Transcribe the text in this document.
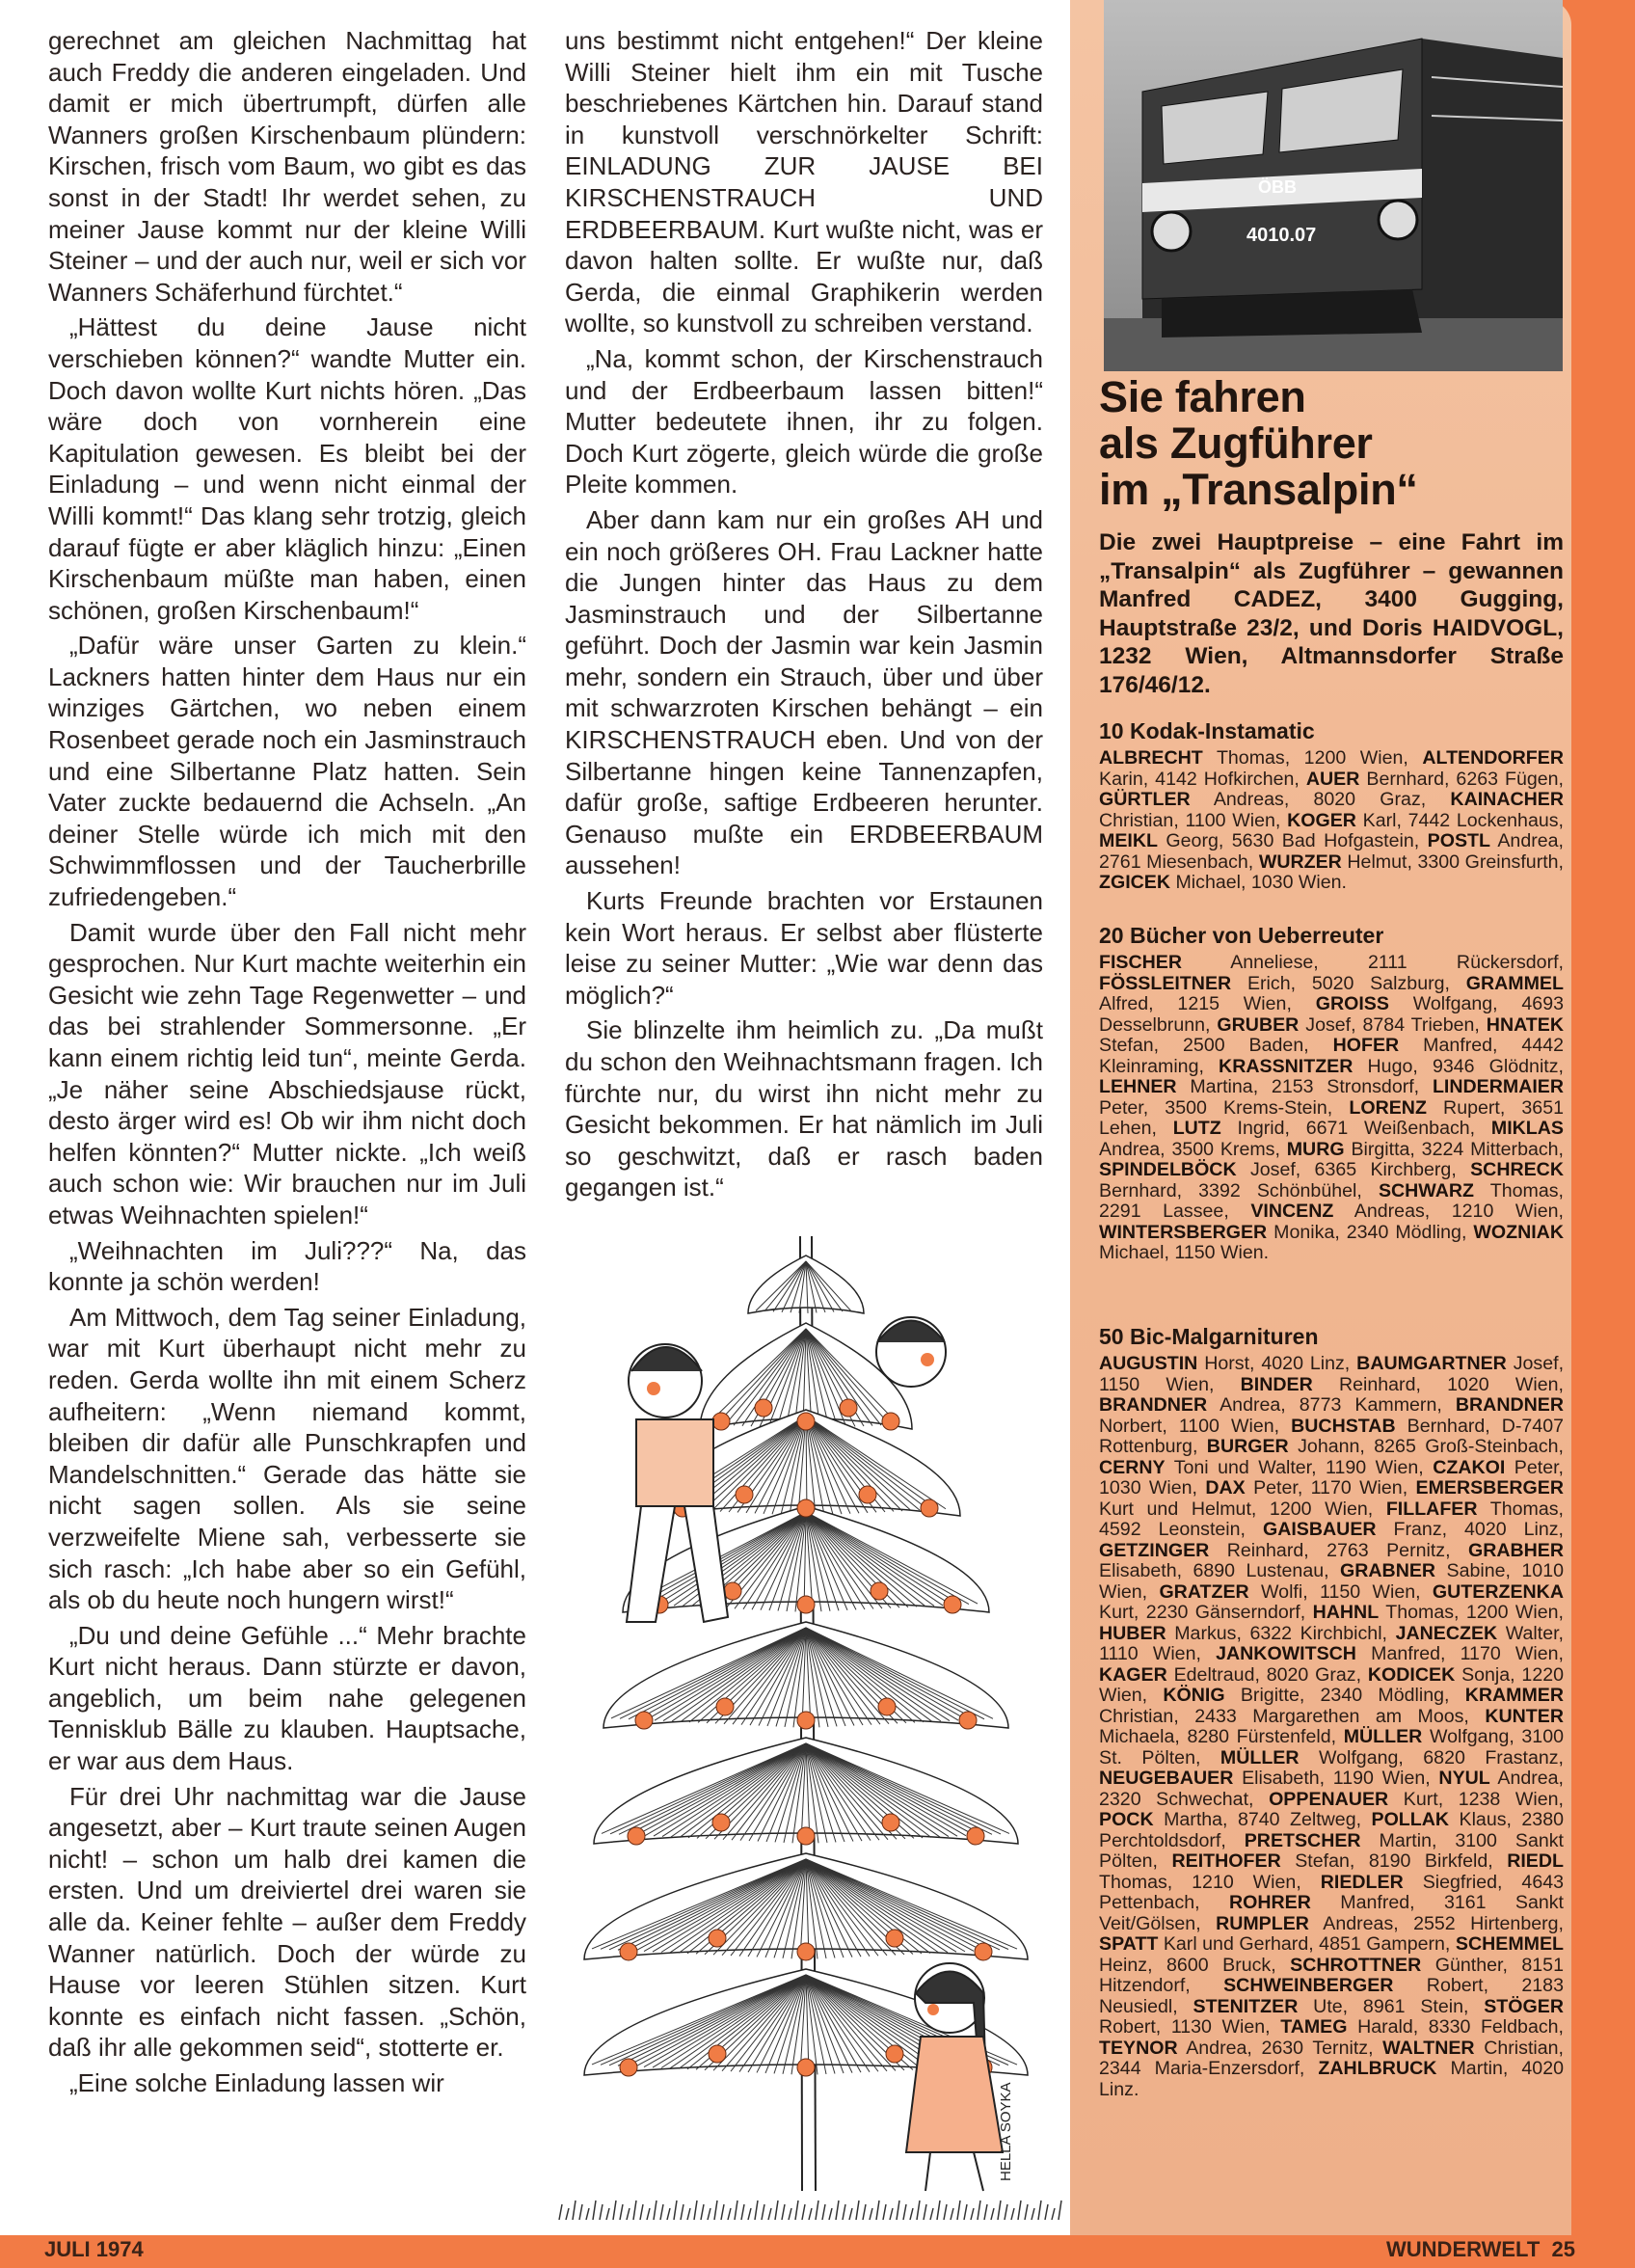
gerechnet am gleichen Nachmittag hat auch Freddy die anderen eingeladen. Und damit er mich übertrumpft, dürfen alle Wanners großen Kirschenbaum plündern: Kirschen, frisch vom Baum, wo gibt es das sonst in der Stadt! Ihr werdet sehen, zu meiner Jause kommt nur der kleine Willi Steiner – und der auch nur, weil er sich vor Wanners Schäferhund fürchtet.“

„Hättest du deine Jause nicht verschieben können?“ wandte Mutter ein. Doch davon wollte Kurt nichts hören. „Das wäre doch von vornherein eine Kapitulation gewesen. Es bleibt bei der Einladung – und wenn nicht einmal der Willi kommt!“ Das klang sehr trotzig, gleich darauf fügte er aber kläglich hinzu: „Einen Kirschenbaum müßte man haben, einen schönen, großen Kirschenbaum!“

„Dafür wäre unser Garten zu klein.“ Lackners hatten hinter dem Haus nur ein winziges Gärtchen, wo neben einem Rosenbeet gerade noch ein Jasminstrauch und eine Silbertanne Platz hatten. Sein Vater zuckte bedauernd die Achseln. „An deiner Stelle würde ich mich mit den Schwimmflossen und der Taucherbrille zufriedengeben.“

Damit wurde über den Fall nicht mehr gesprochen. Nur Kurt machte weiterhin ein Gesicht wie zehn Tage Regenwetter – und das bei strahlender Sommersonne. „Er kann einem richtig leid tun“, meinte Gerda. „Je näher seine Abschiedsjause rückt, desto ärger wird es! Ob wir ihm nicht doch helfen könnten?“ Mutter nickte. „Ich weiß auch schon wie: Wir brauchen nur im Juli etwas Weihnachten spielen!“

„Weihnachten im Juli???“ Na, das konnte ja schön werden!

Am Mittwoch, dem Tag seiner Einladung, war mit Kurt überhaupt nicht mehr zu reden. Gerda wollte ihn mit einem Scherz aufheitern: „Wenn niemand kommt, bleiben dir dafür alle Punschkrapfen und Mandelschnitten.“ Gerade das hätte sie nicht sagen sollen. Als sie seine verzweifelte Miene sah, verbesserte sie sich rasch: „Ich habe aber so ein Gefühl, als ob du heute noch hungern wirst!“

„Du und deine Gefühle ...“ Mehr brachte Kurt nicht heraus. Dann stürzte er davon, angeblich, um beim nahe gelegenen Tennisklub Bälle zu klauben. Hauptsache, er war aus dem Haus.

Für drei Uhr nachmittag war die Jause angesetzt, aber – Kurt traute seinen Augen nicht! – schon um halb drei kamen die ersten. Und um dreiviertel drei waren sie alle da. Keiner fehlte – außer dem Freddy Wanner natürlich. Doch der würde zu Hause vor leeren Stühlen sitzen. Kurt konnte es einfach nicht fassen. „Schön, daß ihr alle gekommen seid“, stotterte er.

„Eine solche Einladung lassen wir

uns bestimmt nicht entgehen!“ Der kleine Willi Steiner hielt ihm ein mit Tusche beschriebenes Kärtchen hin. Darauf stand in kunstvoll verschnörkelter Schrift: EINLADUNG ZUR JAUSE BEI KIRSCHENSTRAUCH UND ERDBEERBAUM. Kurt wußte nicht, was er davon halten sollte. Er wußte nur, daß Gerda, die einmal Graphikerin werden wollte, so kunstvoll zu schreiben verstand.

„Na, kommt schon, der Kirschenstrauch und der Erdbeerbaum lassen bitten!“ Mutter bedeutete ihnen, ihr zu folgen. Doch Kurt zögerte, gleich würde die große Pleite kommen.

Aber dann kam nur ein großes AH und ein noch größeres OH. Frau Lackner hatte die Jungen hinter das Haus zu dem Jasminstrauch und der Silbertanne geführt. Doch der Jasmin war kein Jasmin mehr, sondern ein Strauch, über und über mit schwarzroten Kirschen behängt – ein KIRSCHENSTRAUCH eben. Und von der Silbertanne hingen keine Tannenzapfen, dafür große, saftige Erdbeeren herunter. Genauso mußte ein ERDBEERBAUM aussehen!

Kurts Freunde brachten vor Erstaunen kein Wort heraus. Er selbst aber flüsterte leise zu seiner Mutter: „Wie war denn das möglich?“

Sie blinzelte ihm heimlich zu. „Da mußt du schon den Weihnachtsmann fragen. Ich fürchte nur, du wirst ihn nicht mehr zu Gesicht bekommen. Er hat nämlich im Juli so geschwitzt, daß er rasch baden gegangen ist.“

HELLA SOYKA
ÖBB
4010.07
Sie fahren
als Zugführer
im „Transalpin“
Die zwei Hauptpreise – eine Fahrt im „Transalpin“ als Zugführer – gewannen Manfred CADEZ, 3400 Gugging, Hauptstraße 23/2, und Doris HAIDVOGL, 1232 Wien, Altmannsdorfer Straße 176/46/12.
10 Kodak-Instamatic
ALBRECHT Thomas, 1200 Wien, ALTENDORFER Karin, 4142 Hofkirchen, AUER Bernhard, 6263 Fügen, GÜRTLER Andreas, 8020 Graz, KAINACHER Christian, 1100 Wien, KOGER Karl, 7442 Lockenhaus, MEIKL Georg, 5630 Bad Hofgastein, POSTL Andrea, 2761 Miesenbach, WURZER Helmut, 3300 Greinsfurth, ZGICEK Michael, 1030 Wien.
20 Bücher von Ueberreuter
FISCHER	Anneliese, 2111 Rückersdorf, FÖSSLEITNER Erich, 5020 Salzburg, GRAMMEL Alfred, 1215 Wien, GROISS Wolfgang, 4693 Desselbrunn, GRUBER Josef, 8784 Trieben, HNATEK Stefan, 2500 Baden, HOFER Manfred, 4442 Kleinraming, KRASSNITZER Hugo, 9346 Glödnitz, LEHNER Martina, 2153 Stronsdorf, LINDERMAIER Peter, 3500 Krems-Stein, LORENZ Rupert, 3651 Lehen, LUTZ Ingrid, 6671 Weißenbach, MIKLAS Andrea, 3500 Krems, MURG Birgitta, 3224 Mitterbach, SPINDELBÖCK Josef, 6365 Kirchberg, SCHRECK Bernhard, 3392 Schönbühel, SCHWARZ Thomas, 2291 Lassee, VINCENZ Andreas, 1210 Wien, WINTERSBERGER Monika, 2340 Mödling, WOZNIAK Michael, 1150 Wien.
50 Bic-Malgarnituren
AUGUSTIN Horst, 4020 Linz, BAUMGARTNER Josef, 1150 Wien, BINDER Reinhard, 1020 Wien, BRANDNER Andrea, 8773 Kammern, BRANDNER Norbert, 1100 Wien, BUCHSTAB Bernhard, D-7407 Rottenburg, BURGER Johann, 8265 Groß-Steinbach, CERNY Toni und Walter, 1190 Wien, CZAKOI Peter, 1030 Wien, DAX Peter, 1170 Wien, EMERSBERGER Kurt und Helmut, 1200 Wien, FILLAFER Thomas, 4592 Leonstein, GAISBAUER Franz, 4020 Linz, GETZINGER Reinhard, 2763 Pernitz, GRABHER Elisabeth, 6890 Lustenau, GRABNER Sabine, 1010 Wien, GRATZER Wolfi, 1150 Wien, GUTERZENKA Kurt, 2230 Gänserndorf, HAHNL Thomas, 1200 Wien, HUBER Markus, 6322 Kirchbichl, JANECZEK Walter, 1110 Wien, JANKOWITSCH Manfred, 1170 Wien, KAGER Edeltraud, 8020 Graz, KODICEK Sonja, 1220 Wien, KÖNIG Brigitte, 2340 Mödling, KRAMMER Christian, 2433 Margarethen am Moos, KUNTER Michaela, 8280 Fürstenfeld, MÜLLER Wolfgang, 3100 St. Pölten, MÜLLER Wolfgang, 6820 Frastanz, NEUGEBAUER Elisabeth, 1190 Wien, NYUL Andrea, 2320 Schwechat, OPPENAUER Kurt, 1238 Wien, POCK Martha, 8740 Zeltweg, POLLAK Klaus, 2380 Perchtoldsdorf, PRETSCHER Martin, 3100 Sankt Pölten, REITHOFER Stefan, 8190 Birkfeld, RIEDL Thomas, 1210 Wien, RIEDLER Siegfried, 4643 Pettenbach, ROHRER Manfred, 3161 Sankt Veit/Gölsen, RUMPLER Andreas, 2552 Hirtenberg, SPATT Karl und Gerhard, 4851 Gampern, SCHEMMEL Heinz, 8600 Bruck, SCHROTTNER Günther, 8151 Hitzendorf, SCHWEINBERGER Robert, 2183 Neusiedl, STENITZER Ute, 8961 Stein, STÖGER Robert, 1130 Wien, TAMEG Harald, 8330 Feldbach, TEYNOR Andrea, 2630 Ternitz, WALTNER Christian, 2344 Maria-Enzersdorf, ZAHLBRUCK Martin, 4020 Linz.
JULI 1974	WUNDERWELT  25
